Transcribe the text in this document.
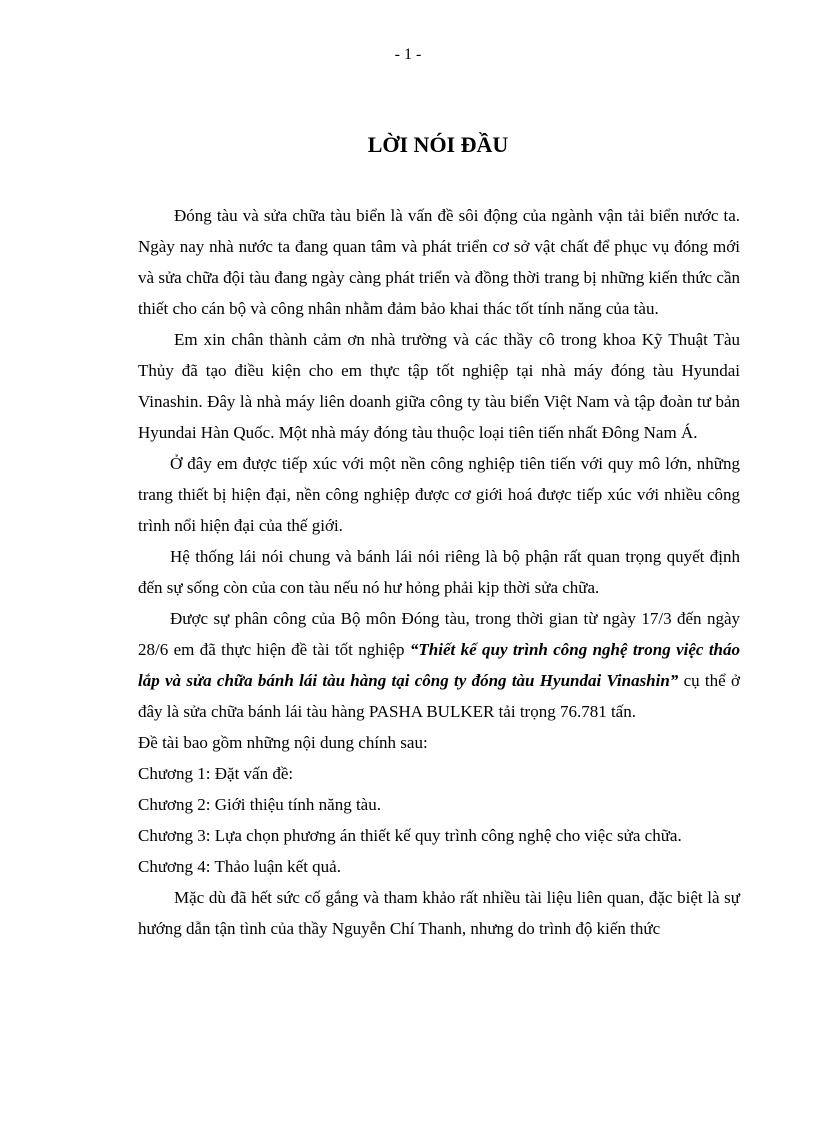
- 1 -
LỜI NÓI ĐẦU

Đóng tàu và sửa chữa tàu biển là vấn đề sôi động của ngành vận tải biển nước ta. Ngày nay nhà nước ta đang quan tâm và phát triển cơ sở vật chất để phục vụ đóng mới và sửa chữa đội tàu đang ngày càng phát triển và đồng thời trang bị những kiến thức cần thiết cho cán bộ và công nhân nhằm đảm bảo khai thác tốt tính năng của tàu.

Em xin chân thành cảm ơn nhà trường và các thầy cô trong khoa Kỹ Thuật Tàu Thủy đã tạo điều kiện cho em thực tập tốt nghiệp tại nhà máy đóng tàu Hyundai Vinashin. Đây là nhà máy liên doanh giữa công ty tàu biển Việt Nam và tập đoàn tư bản Hyundai Hàn Quốc. Một nhà máy đóng tàu thuộc loại tiên tiến nhất Đông Nam Á.

Ở đây em được tiếp xúc với một nền công nghiệp tiên tiến với quy mô lớn, những trang thiết bị hiện đại, nền công nghiệp được cơ giới hoá được tiếp xúc với nhiều công trình nổi hiện đại của thế giới.

Hệ thống lái nói chung và bánh lái nói riêng là bộ phận rất quan trọng quyết định đến sự sống còn của con tàu nếu nó hư hỏng phải kịp thời sửa chữa.

Được sự phân công của Bộ môn Đóng tàu, trong thời gian từ ngày 17/3 đến ngày 28/6 em đã thực hiện đề tài tốt nghiệp “Thiết kế quy trình công nghệ trong việc tháo lắp và sửa chữa bánh lái tàu hàng tại công ty đóng tàu Hyundai Vinashin” cụ thể ở đây là sửa chữa bánh lái tàu hàng PASHA BULKER tải trọng 76.781 tấn.

Đề tài bao gồm những nội dung chính sau:

Chương 1: Đặt vấn đề:

Chương 2: Giới thiệu tính năng tàu.

Chương 3: Lựa chọn phương án thiết kế quy trình công nghệ cho việc sửa chữa.

Chương 4: Thảo luận kết quả.

Mặc dù đã hết sức cố gắng và tham khảo rất nhiều tài liệu liên quan, đặc biệt là sự hướng dẫn tận tình của thầy Nguyễn Chí Thanh, nhưng do trình độ kiến thức
